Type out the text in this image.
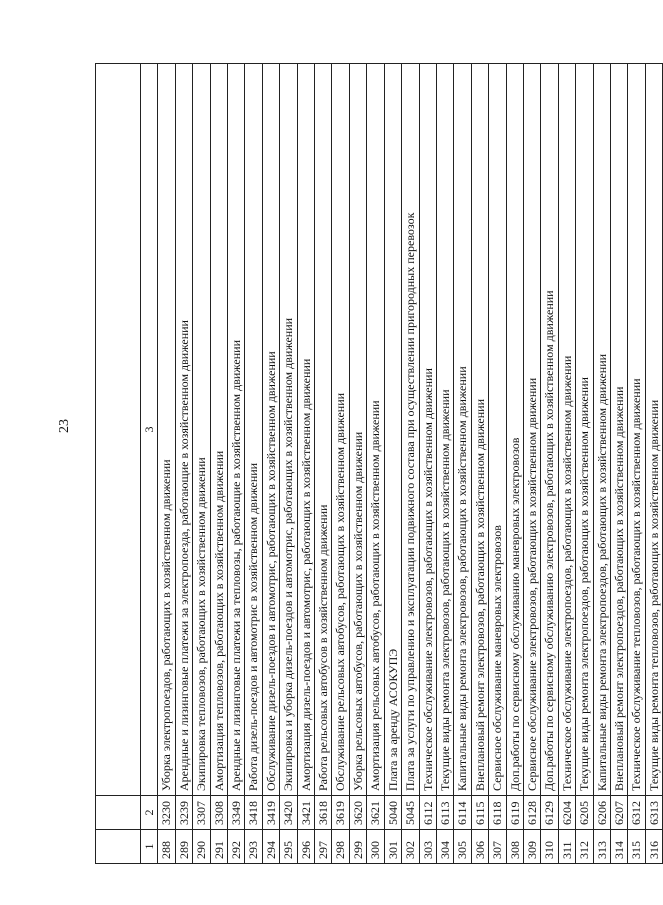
23

1	2	3
288	3230	Уборка электропоездов, работающих в хозяйственном движении
289	3239	Арендные и лизинговые платежи за электропоезда, работающие в хозяйственном движении
290	3307	Экипировка тепловозов, работающих в хозяйственном движении
291	3308	Амортизация тепловозов, работающих в хозяйственном движении
292	3349	Арендные и лизинговые платежи за тепловозы, работающие в хозяйственном движении
293	3418	Работа дизель-поездов и автомотрис в хозяйственном движении
294	3419	Обслуживание дизель-поездов и автомотрис, работающих в хозяйственном движении
295	3420	Экипировка и уборка дизель-поездов и автомотрис, работающих в хозяйственном движении
296	3421	Амортизация дизель-поездов и автомотрис, работающих в хозяйственном движении
297	3618	Работа рельсовых автобусов в хозяйственном движении
298	3619	Обслуживание рельсовых автобусов, работающих в хозяйственном движении
299	3620	Уборка рельсовых автобусов, работающих в хозяйственном движении
300	3621	Амортизация рельсовых автобусов, работающих в хозяйственном движении
301	5040	Плата за аренду АСОКУПЭ
302	5045	Плата за услуги по управлению и эксплуатации подвижного состава при осуществлении пригородных перевозок
303	6112	Техническое обслуживание электровозов, работающих в хозяйственном движении
304	6113	Текущие виды ремонта электровозов, работающих в хозяйственном движении
305	6114	Капитальные виды ремонта электровозов, работающих в хозяйственном движении
306	6115	Внеплановый ремонт электровозов, работающих в хозяйственном движении
307	6118	Сервисное обслуживание маневровых электровозов
308	6119	Доп.работы по сервисному обслуживанию маневровых электровозов
309	6128	Сервисное обслуживание электровозов, работающих в хозяйственном движении
310	6129	Доп.работы по сервисному обслуживанию электровозов, работающих в хозяйственном движении
311	6204	Техническое обслуживание электропоездов, работающих в хозяйственном движении
312	6205	Текущие виды ремонта электропоездов, работающих в хозяйственном движении
313	6206	Капитальные виды ремонта электропоездов, работающих в хозяйственном движении
314	6207	Внеплановый ремонт электропоездов, работающих в хозяйственном движении
315	6312	Техническое обслуживание тепловозов, работающих в хозяйственном движении
316	6313	Текущие виды ремонта тепловозов, работающих в хозяйственном движении
